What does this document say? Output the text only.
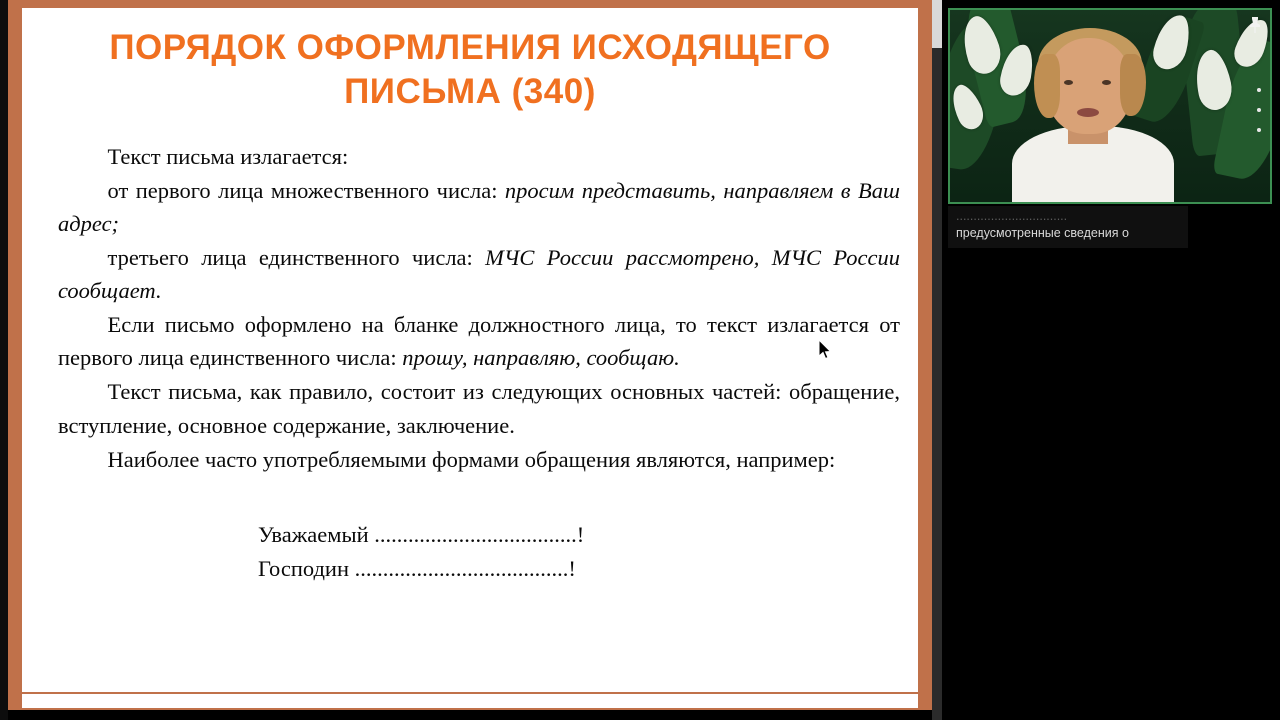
ПОРЯДОК ОФОРМЛЕНИЯ ИСХОДЯЩЕГО ПИСЬМА (340)

Текст письма излагается:

от первого лица множественного числа: просим представить, направляем в Ваш адрес;

третьего лица единственного числа: МЧС России рассмотрено, МЧС России сообщает.

Если письмо оформлено на бланке должностного лица, то текст излагается от первого лица единственного числа: прошу, направляю, сообщаю.

Текст письма, как правило, состоит из следующих основных частей: обращение, вступление, основное содержание, заключение.

Наиболее часто употребляемыми формами обращения являются, например:

Уважаемый ....................................!
Господин ......................................!
................................
предусмотренные сведения о
